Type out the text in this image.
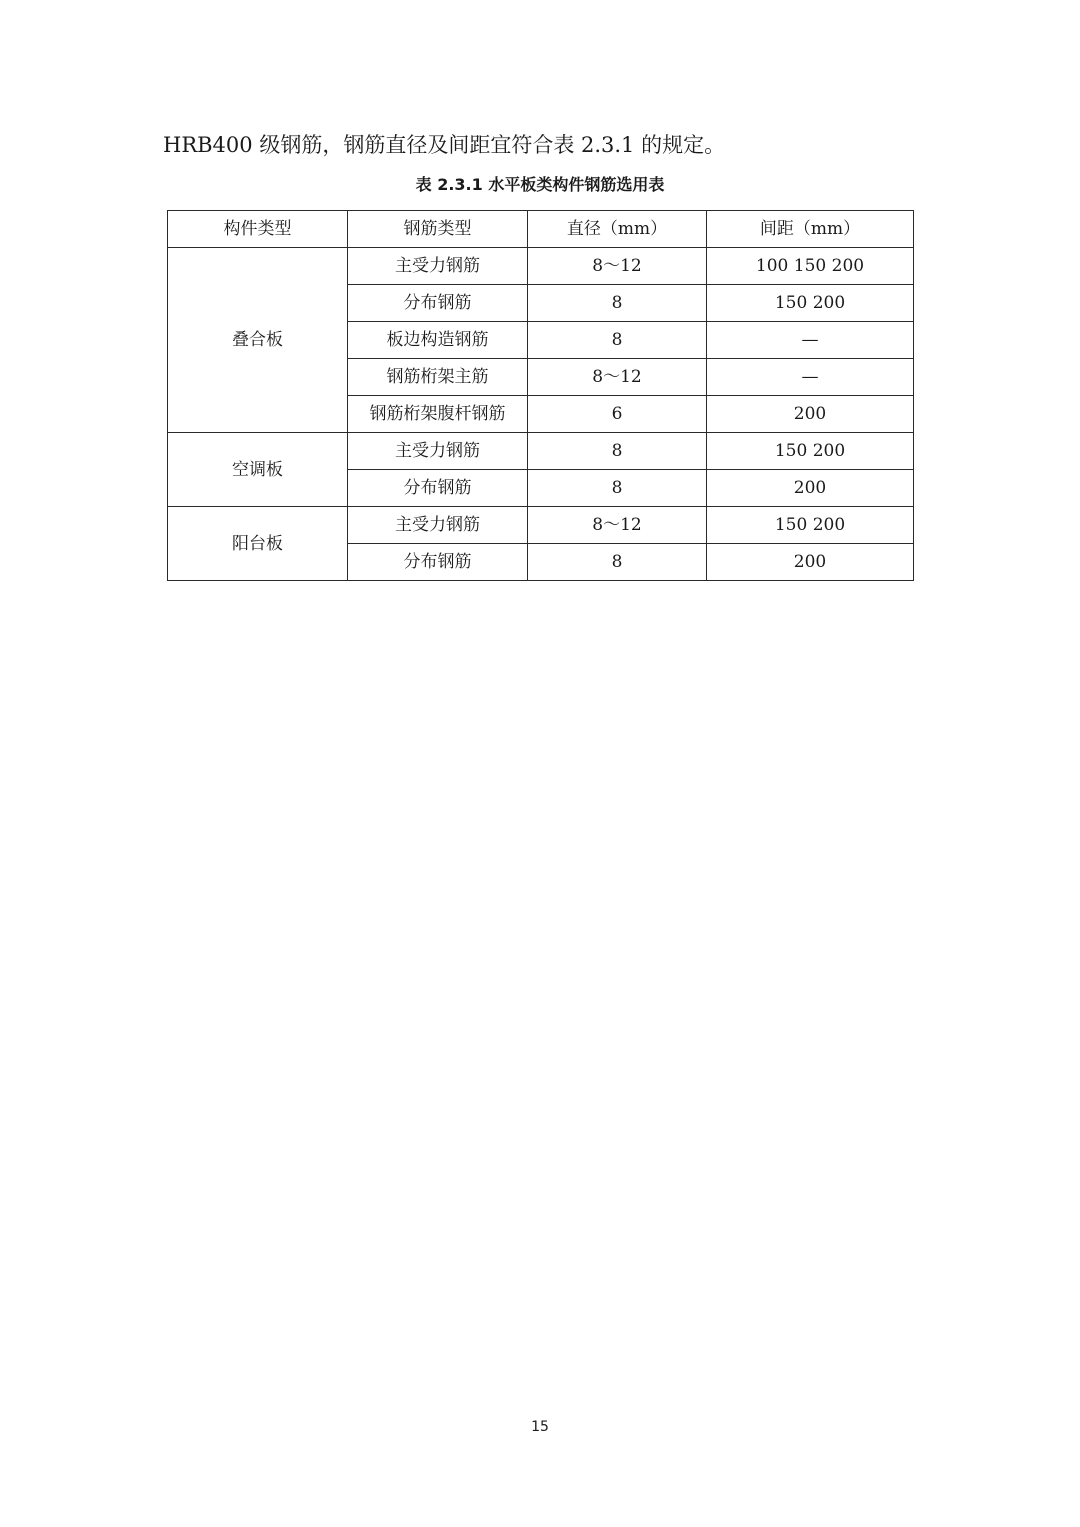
HRB400 级钢筋，钢筋直径及间距宜符合表 2.3.1 的规定。

表 2.3.1 水平板类构件钢筋选用表

构件类型	钢筋类型	直径（mm）	间距（mm）
叠合板	主受力钢筋	8～12	100 150 200
	分布钢筋	8	150 200
	板边构造钢筋	8	—
	钢筋桁架主筋	8～12	—
	钢筋桁架腹杆钢筋	6	200
空调板	主受力钢筋	8	150 200
	分布钢筋	8	200
阳台板	主受力钢筋	8～12	150 200
	分布钢筋	8	200

15
